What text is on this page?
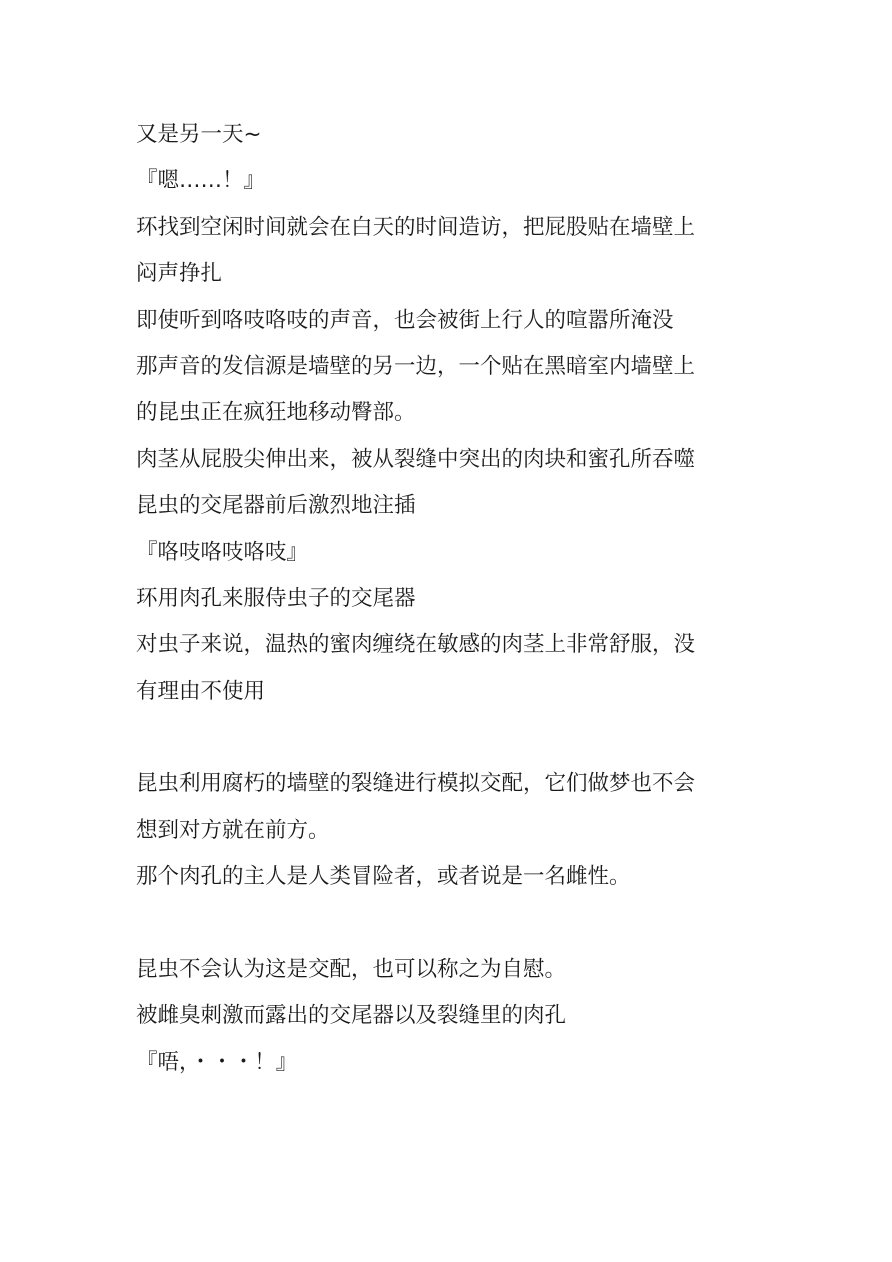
又是另一天~
『嗯……！』
环找到空闲时间就会在白天的时间造访，把屁股贴在墙壁上
闷声挣扎
即使听到咯吱咯吱的声音，也会被街上行人的喧嚣所淹没
那声音的发信源是墙壁的另一边，一个贴在黑暗室内墙壁上
的昆虫正在疯狂地移动臀部。
肉茎从屁股尖伸出来，被从裂缝中突出的肉块和蜜孔所吞噬
昆虫的交尾器前后激烈地注插
『咯吱咯吱咯吱』
环用肉孔来服侍虫子的交尾器
对虫子来说，温热的蜜肉缠绕在敏感的肉茎上非常舒服，没
有理由不使用
昆虫利用腐朽的墙壁的裂缝进行模拟交配，它们做梦也不会
想到对方就在前方。
那个肉孔的主人是人类冒险者，或者说是一名雌性。
昆虫不会认为这是交配，也可以称之为自慰。
被雌臭刺激而露出的交尾器以及裂缝里的肉孔
『唔，・・・！』
